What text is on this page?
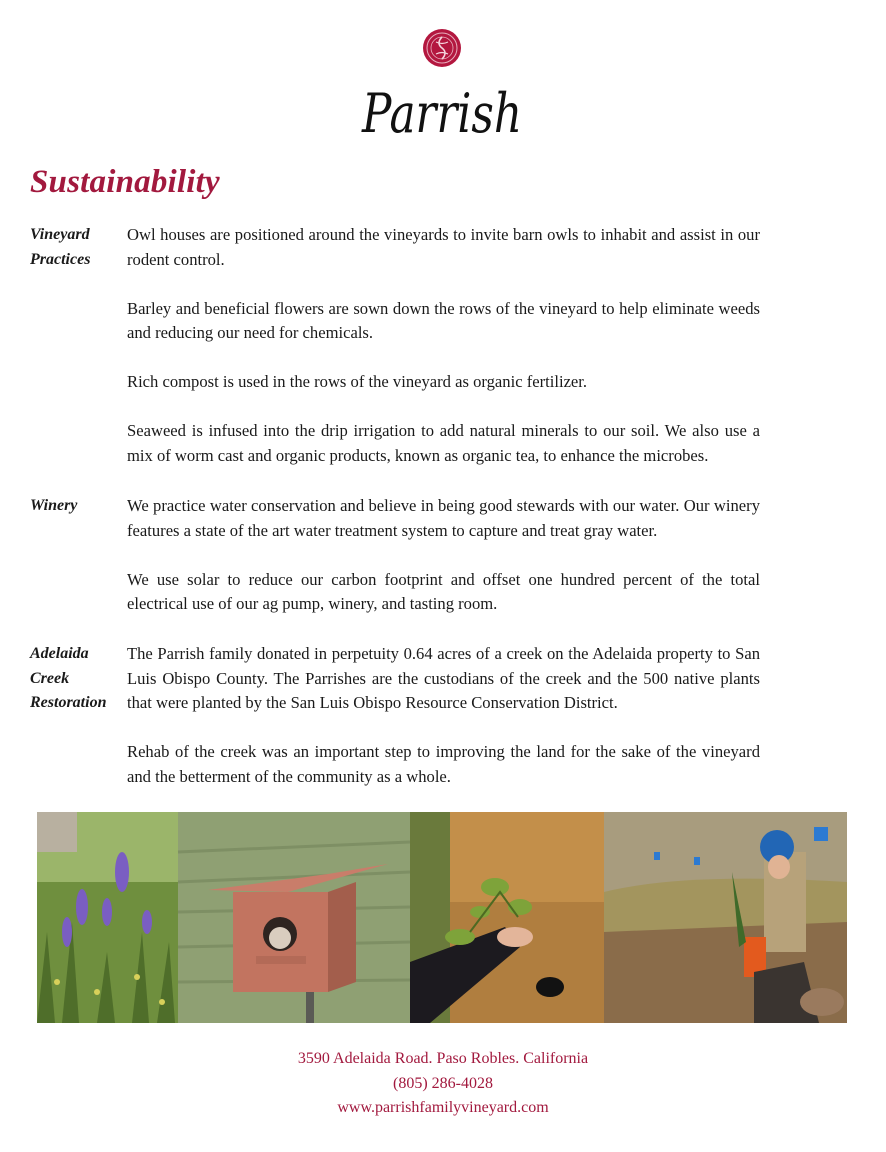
Parrish
Sustainability
Vineyard
Practices

Owl houses are positioned around the vineyards to invite barn owls to inhabit and assist in our rodent control.

Barley and beneficial flowers are sown down the rows of the vineyard to help eliminate weeds and reducing our need for chemicals.

Rich compost is used in the rows of the vineyard as organic fertilizer.

Seaweed is infused into the drip irrigation to add natural minerals to our soil. We also use a mix of worm cast and organic products, known as organic tea, to enhance the microbes.

Winery	We practice water conservation and believe in being good stewards with our water. Our winery features a state of the art water treatment system to capture and treat gray water.

We use solar to reduce our carbon footprint and offset one hundred percent of the total electrical use of our ag pump, winery, and tasting room.

Adelaida
Creek
Restoration

The Parrish family donated in perpetuity 0.64 acres of a creek on the Adelaida property to San Luis Obispo County. The Parrishes are the custodians of the creek and the 500 native plants that were planted by the San Luis Obispo Resource Conservation District.

Rehab of the creek was an important step to improving the land for the sake of the vineyard and the betterment of the community as a whole.

3590 Adelaida Road. Paso Robles. California
(805) 286-4028
www.parrishfamilyvineyard.com
